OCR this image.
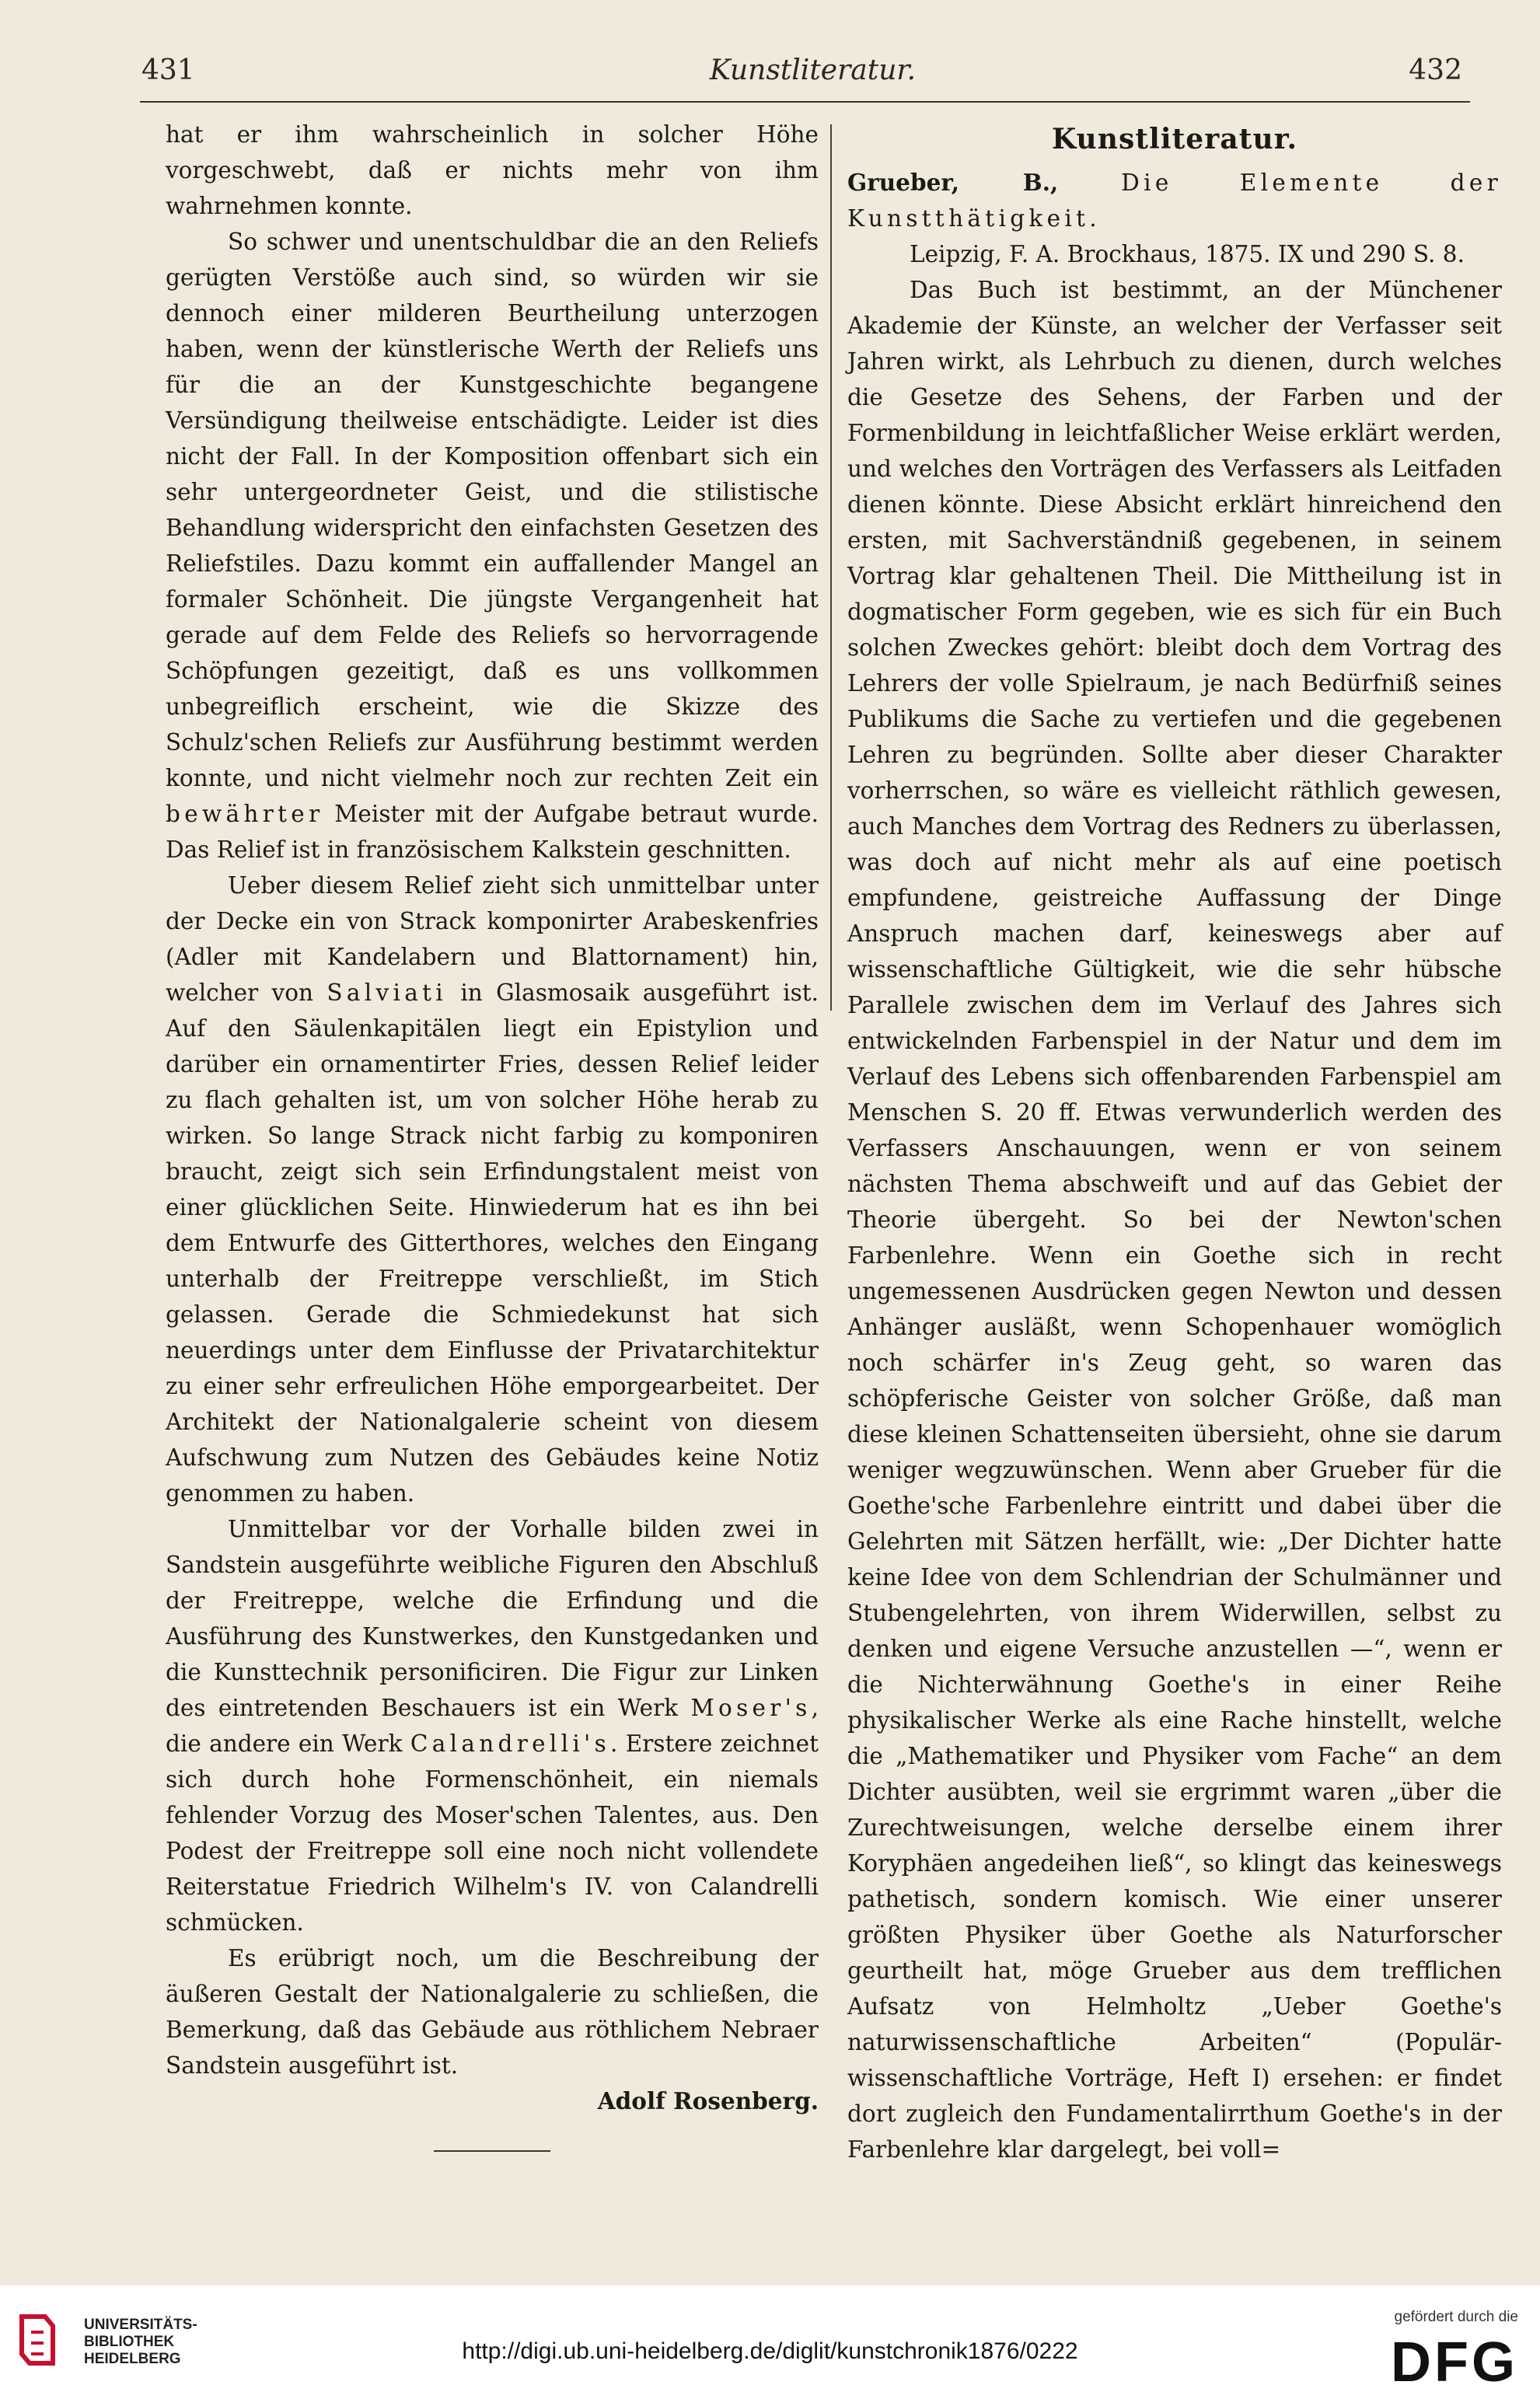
431	Kunstliteratur.	432

hat er ihm wahrscheinlich in solcher Höhe vorgeschwebt, daß er nichts mehr von ihm wahrnehmen konnte.

So schwer und unentschuldbar die an den Reliefs gerügten Verstöße auch sind, so würden wir sie dennoch einer milderen Beurtheilung unterzogen haben, wenn der künstlerische Werth der Reliefs uns für die an der Kunstgeschichte begangene Versündigung theilweise entschädigte. Leider ist dies nicht der Fall. In der Komposition offenbart sich ein sehr untergeordneter Geist, und die stilistische Behandlung widerspricht den einfachsten Gesetzen des Reliefstiles. Dazu kommt ein auffallender Mangel an formaler Schönheit. Die jüngste Vergangenheit hat gerade auf dem Felde des Reliefs so hervorragende Schöpfungen gezeitigt, daß es uns vollkommen unbegreiflich erscheint, wie die Skizze des Schulz'schen Reliefs zur Ausführung bestimmt werden konnte, und nicht vielmehr noch zur rechten Zeit ein bewährter Meister mit der Aufgabe betraut wurde. Das Relief ist in französischem Kalkstein geschnitten.

Ueber diesem Relief zieht sich unmittelbar unter der Decke ein von Strack komponirter Arabeskenfries (Adler mit Kandelabern und Blattornament) hin, welcher von Salviati in Glasmosaik ausgeführt ist. Auf den Säulenkapitälen liegt ein Epistylion und darüber ein ornamentirter Fries, dessen Relief leider zu flach gehalten ist, um von solcher Höhe herab zu wirken. So lange Strack nicht farbig zu komponiren braucht, zeigt sich sein Erfindungstalent meist von einer glücklichen Seite. Hinwiederum hat es ihn bei dem Entwurfe des Gitterthores, welches den Eingang unterhalb der Freitreppe verschließt, im Stich gelassen. Gerade die Schmiedekunst hat sich neuerdings unter dem Einflusse der Privatarchitektur zu einer sehr erfreulichen Höhe emporgearbeitet. Der Architekt der Nationalgalerie scheint von diesem Aufschwung zum Nutzen des Gebäudes keine Notiz genommen zu haben.

Unmittelbar vor der Vorhalle bilden zwei in Sandstein ausgeführte weibliche Figuren den Abschluß der Freitreppe, welche die Erfindung und die Ausführung des Kunstwerkes, den Kunstgedanken und die Kunsttechnik personificiren. Die Figur zur Linken des eintretenden Beschauers ist ein Werk Moser's, die andere ein Werk Calandrelli's. Erstere zeichnet sich durch hohe Formenschönheit, ein niemals fehlender Vorzug des Moser'schen Talentes, aus. Den Podest der Freitreppe soll eine noch nicht vollendete Reiterstatue Friedrich Wilhelm's IV. von Calandrelli schmücken.

Es erübrigt noch, um die Beschreibung der äußeren Gestalt der Nationalgalerie zu schließen, die Bemerkung, daß das Gebäude aus röthlichem Nebraer Sandstein ausgeführt ist.

Adolf Rosenberg.

Kunstliteratur.

Grueber, B.,	Die Elemente der Kunstthätigkeit.

Leipzig, F. A. Brockhaus, 1875. IX und 290 S. 8.

Das Buch ist bestimmt, an der Münchener Akademie der Künste, an welcher der Verfasser seit Jahren wirkt, als Lehrbuch zu dienen, durch welches die Gesetze des Sehens, der Farben und der Formenbildung in leichtfaßlicher Weise erklärt werden, und welches den Vorträgen des Verfassers als Leitfaden dienen könnte. Diese Absicht erklärt hinreichend den ersten, mit Sachverständniß gegebenen, in seinem Vortrag klar gehaltenen Theil. Die Mittheilung ist in dogmatischer Form gegeben, wie es sich für ein Buch solchen Zweckes gehört: bleibt doch dem Vortrag des Lehrers der volle Spielraum, je nach Bedürfniß seines Publikums die Sache zu vertiefen und die gegebenen Lehren zu begründen. Sollte aber dieser Charakter vorherrschen, so wäre es vielleicht räthlich gewesen, auch Manches dem Vortrag des Redners zu überlassen, was doch auf nicht mehr als auf eine poetisch empfundene, geistreiche Auffassung der Dinge Anspruch machen darf, keineswegs aber auf wissenschaftliche Gültigkeit, wie die sehr hübsche Parallele zwischen dem im Verlauf des Jahres sich entwickelnden Farbenspiel in der Natur und dem im Verlauf des Lebens sich offenbarenden Farbenspiel am Menschen S. 20 ff. Etwas verwunderlich werden des Verfassers Anschauungen, wenn er von seinem nächsten Thema abschweift und auf das Gebiet der Theorie übergeht. So bei der Newton'schen Farbenlehre. Wenn ein Goethe sich in recht ungemessenen Ausdrücken gegen Newton und dessen Anhänger ausläßt, wenn Schopenhauer womöglich noch schärfer in's Zeug geht, so waren das schöpferische Geister von solcher Größe, daß man diese kleinen Schattenseiten übersieht, ohne sie darum weniger wegzuwünschen. Wenn aber Grueber für die Goethe'sche Farbenlehre eintritt und dabei über die Gelehrten mit Sätzen herfällt, wie: „Der Dichter hatte keine Idee von dem Schlendrian der Schulmänner und Stubengelehrten, von ihrem Widerwillen, selbst zu denken und eigene Versuche anzustellen —“, wenn er die Nichterwähnung Goethe's in einer Reihe physikalischer Werke als eine Rache hinstellt, welche die „Mathematiker und Physiker vom Fache“ an dem Dichter ausübten, weil sie ergrimmt waren „über die Zurechtweisungen, welche derselbe einem ihrer Koryphäen angedeihen ließ“, so klingt das keineswegs pathetisch, sondern komisch. Wie einer unserer größten Physiker über Goethe als Naturforscher geurtheilt hat, möge Grueber aus dem trefflichen Aufsatz von Helmholtz „Ueber Goethe's naturwissenschaftliche Arbeiten“ (Populär-wissenschaftliche Vorträge, Heft I) ersehen: er findet dort zugleich den Fundamentalirrthum Goethe's in der Farbenlehre klar dargelegt, bei voll=

UNIVERSITÄTS-
BIBLIOTHEK
HEIDELBERG	http://digi.ub.uni-heidelberg.de/diglit/kunstchronik1876/0222
gefördert durch die
DFG
